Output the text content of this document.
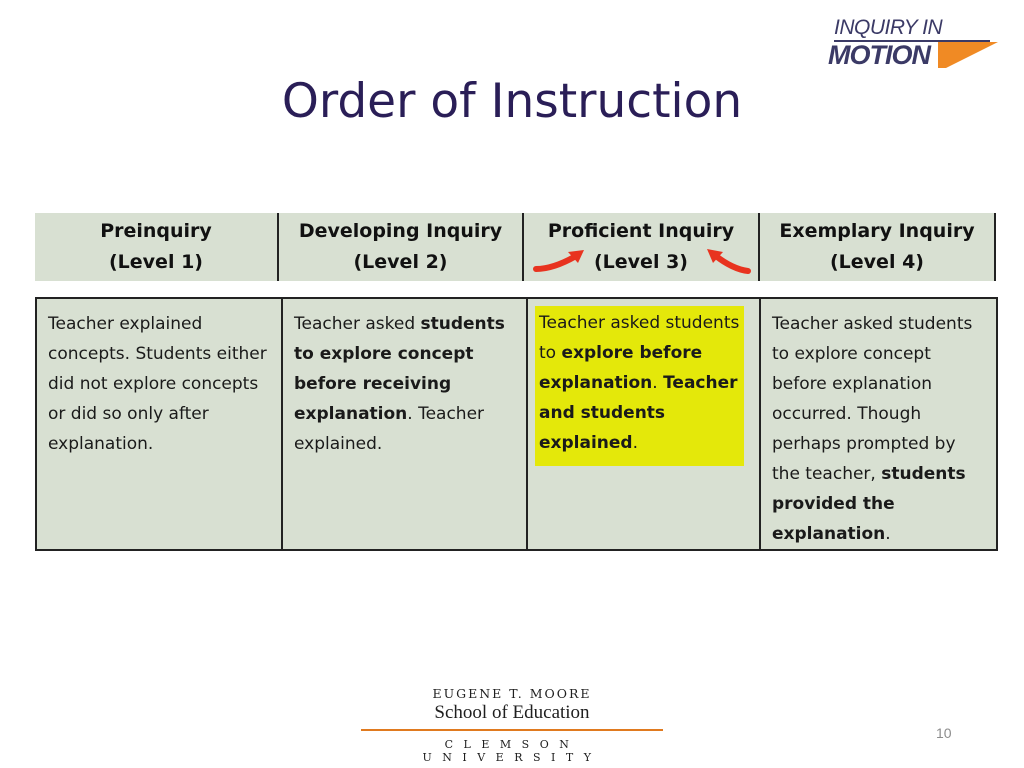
INQUIRY IN
MOTION
Order of Instruction
Preinquiry
(Level 1)
Developing Inquiry
(Level 2)
Proficient Inquiry
(Level 3)
Exemplary Inquiry
(Level 4)
Teacher explained concepts. Students either did not explore concepts or did so only after explanation.
Teacher asked students to explore concept before receiving explanation. Teacher explained.
Teacher asked students to explore before explanation. Teacher and students explained.
Teacher asked students to explore concept before explanation occurred. Though perhaps prompted by the teacher, students provided the explanation.
EUGENE T. MOORE
School of Education
CLEMSON UNIVERSITY
10
